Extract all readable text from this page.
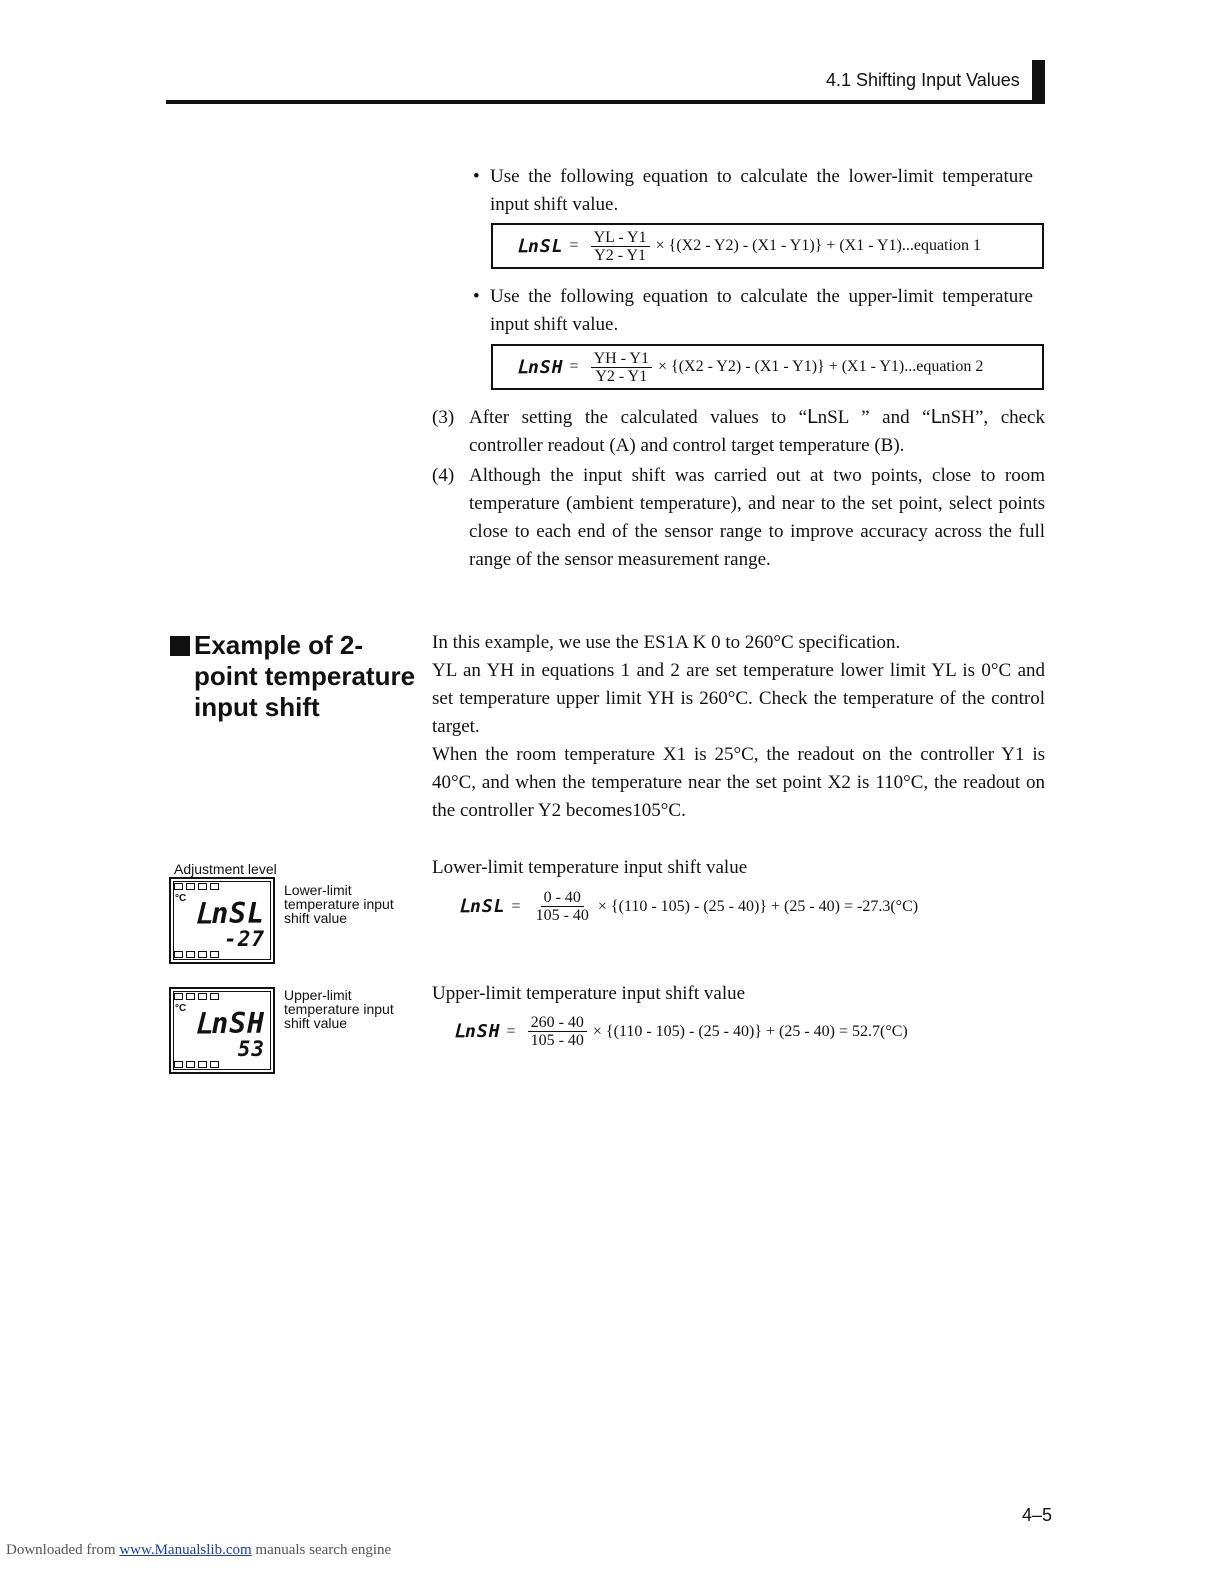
4.1 Shifting Input Values
• Use the following equation to calculate the lower-limit temperature input shift value.
ᒪnSL = $\frac{YL - Y1}{Y2 - Y1} \times \{(X2 - Y2) - (X1 - Y1)\} + (X1$ - Y1)...equation 1
• Use the following equation to calculate the upper-limit temperature input shift value.
ᒪnSH = $\frac{YH - Y1}{Y2 - Y1} \times \{(X2 - Y2) - (X1 - Y1)\} + (X1$ - Y1)...equation 2
(3) After setting the calculated values to “ᒪnSL ” and “ᒪnSH”, check controller readout (A) and control target temperature (B).
(4) Although the input shift was carried out at two points, close to room temperature (ambient temperature), and near to the set point, select points close to each end of the sensor range to improve accuracy across the full range of the sensor measurement range.
Example of 2-point temperature input shift
In this example, we use the ES1A K 0 to 260°C specification.
YL an YH in equations 1 and 2 are set temperature lower limit YL is 0°C and set temperature upper limit YH is 260°C. Check the temperature of the control target.
When the room temperature X1 is 25°C, the readout on the controller Y1 is 40°C, and when the temperature near the set point X2 is 110°C, the readout on the controller Y2 becomes105°C.
Adjustment level
°C ᒪnSL
-27
Lower-limit temperature input shift value
°C ᒪnSH
53
Upper-limit temperature input shift value
Lower-limit temperature input shift value
ᒪnSL = $\frac{0 - 40}{105 - 40} \times \{(110 - 105) - (25 - 40)\} + (25 - 40) = -27.3(^\circ C)$
Upper-limit temperature input shift value
ᒪnSH = $\frac{260 - 40}{105 - 40} \times \{(110 - 105) - (25 - 40)\} + (25 - 40) = 52.7(^\circ C)$
4–5
Downloaded from www.Manualslib.com manuals search engine
